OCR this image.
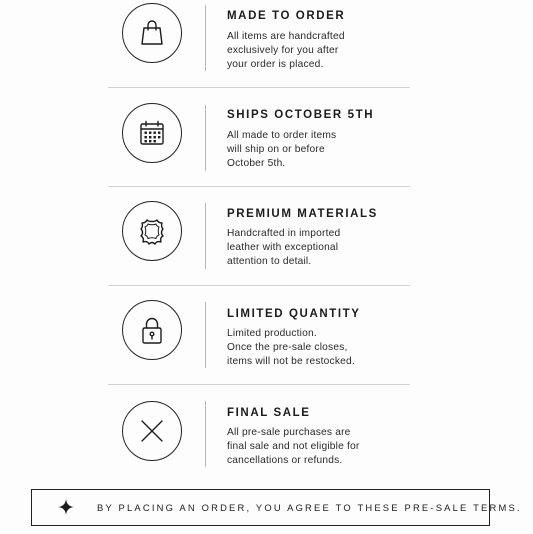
MADE TO ORDER
All items are handcrafted
exclusively for you after
your order is placed.
SHIPS OCTOBER 5TH
All made to order items
will ship on or before
October 5th.
PREMIUM MATERIALS
Handcrafted in imported
leather with exceptional
attention to detail.
LIMITED QUANTITY
Limited production.
Once the pre-sale closes,
items will not be restocked.
FINAL SALE
All pre-sale purchases are
final sale and not eligible for
cancellations or refunds.
BY PLACING AN ORDER, YOU AGREE TO THESE PRE-SALE TERMS.
